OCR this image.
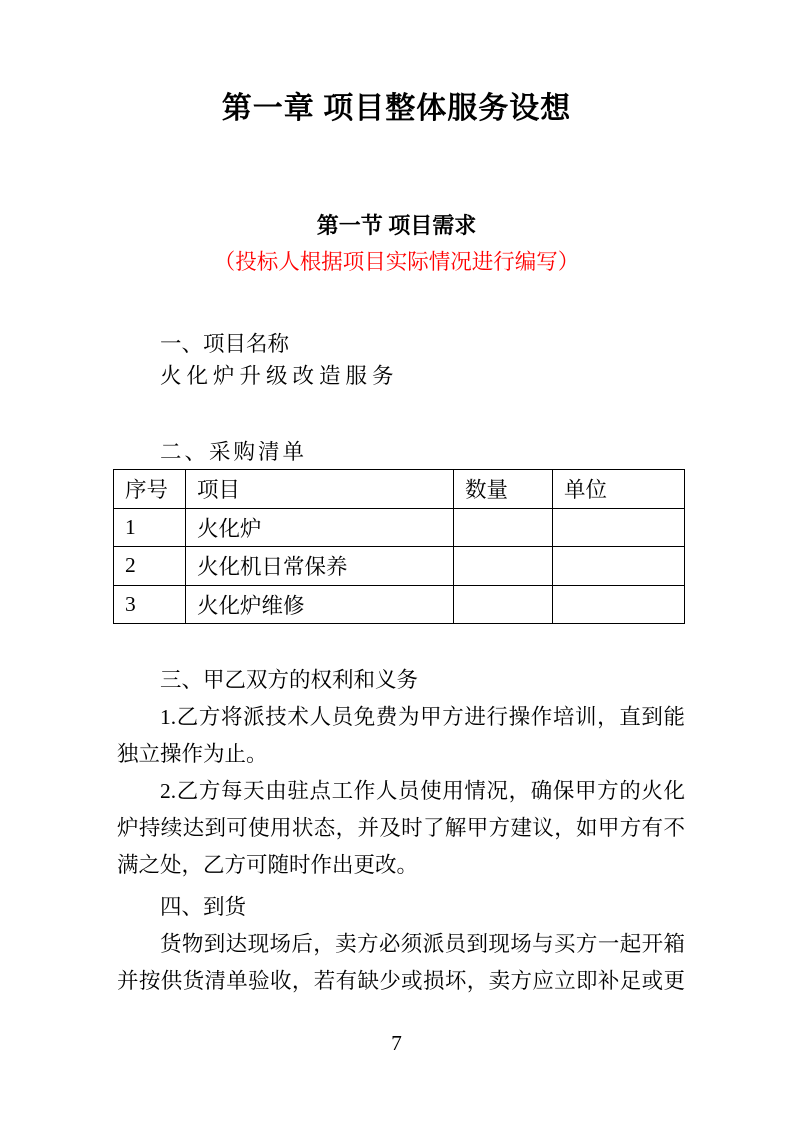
第一章 项目整体服务设想
第一节 项目需求
（投标人根据项目实际情况进行编写）
一、项目名称
火化炉升级改造服务
二、采购清单
序号	项目	数量	单位
1	火化炉		
2	火化机日常保养		
3	火化炉维修		
三、甲乙双方的权利和义务
1.乙方将派技术人员免费为甲方进行操作培训，直到能
独立操作为止。
2.乙方每天由驻点工作人员使用情况，确保甲方的火化
炉持续达到可使用状态，并及时了解甲方建议，如甲方有不
满之处，乙方可随时作出更改。
四、到货
货物到达现场后，卖方必须派员到现场与买方一起开箱
并按供货清单验收，若有缺少或损坏，卖方应立即补足或更
7
